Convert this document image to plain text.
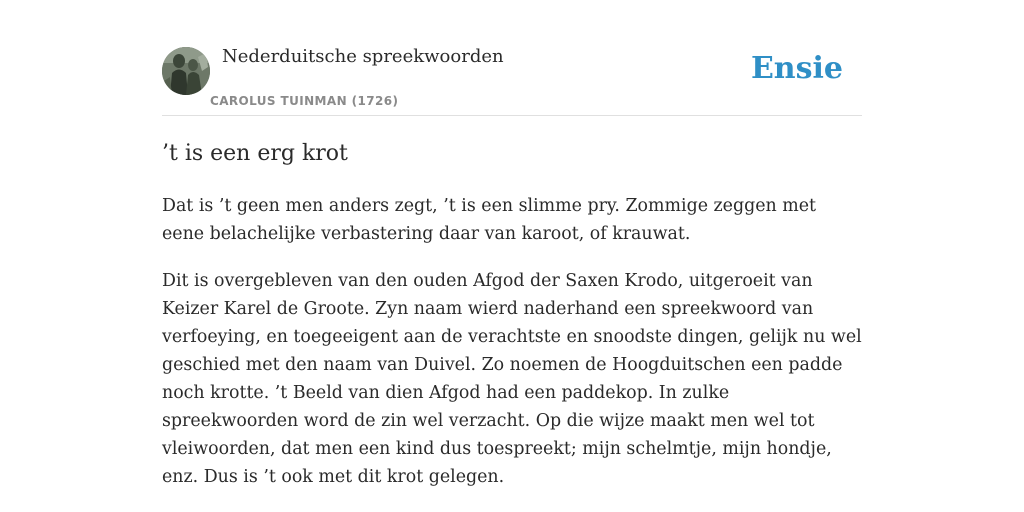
Nederduitsche spreekwoorden
CAROLUS TUINMAN (1726)
Ensie
’t is een erg krot

Dat is ’t geen men anders zegt, ’t is een slimme pry. Zommige zeggen met eene belachelijke verbastering daar van karoot, of krauwat.

Dit is overgebleven van den ouden Afgod der Saxen Krodo, uitgeroeit van Keizer Karel de Groote. Zyn naam wierd naderhand een spreekwoord van verfoeying, en toegeeigent aan de verachtste en snoodste dingen, gelijk nu wel geschied met den naam van Duivel. Zo noemen de Hoogduitschen een padde noch krotte. ’t Beeld van dien Afgod had een paddekop. In zulke spreekwoorden word de zin wel verzacht. Op die wijze maakt men wel tot vleiwoorden, dat men een kind dus toespreekt; mijn schelmtje, mijn hondje, enz. Dus is ’t ook met dit krot gelegen.
